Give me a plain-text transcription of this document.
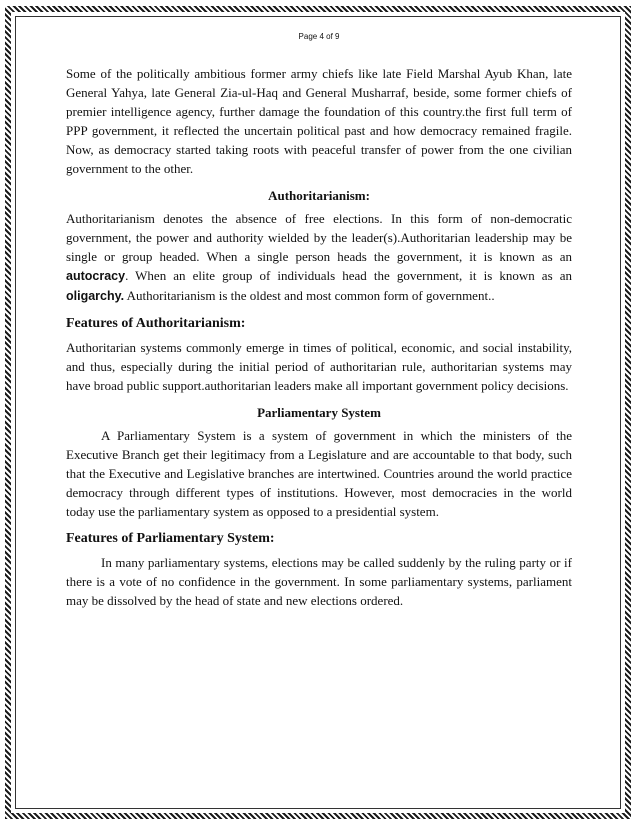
Page 4 of 9

Some of the politically ambitious former army chiefs like late Field Marshal Ayub Khan, late General Yahya, late General Zia-ul-Haq and General Musharraf, beside, some former chiefs of premier intelligence agency, further damage the foundation of this country.the first full term of PPP government, it reflected the uncertain political past and how democracy remained fragile. Now, as democracy started taking roots with peaceful transfer of power from the one civilian government to the other.

Authoritarianism:

Authoritarianism denotes the absence of free elections. In this form of non-democratic government, the power and authority wielded by the leader(s).Authoritarian leadership may be single or group headed. When a single person heads the government, it is known as an autocracy. When an elite group of individuals head the government, it is known as an oligarchy. Authoritarianism is the oldest and most common form of government..

Features of Authoritarianism:

Authoritarian systems commonly emerge in times of political, economic, and social instability, and thus, especially during the initial period of authoritarian rule, authoritarian systems may have broad public support.authoritarian leaders make all important government policy decisions.

Parliamentary System

A Parliamentary System is a system of government in which the ministers of the Executive Branch get their legitimacy from a Legislature and are accountable to that body, such that the Executive and Legislative branches are intertwined. Countries around the world practice democracy through different types of institutions. However, most democracies in the world today use the parliamentary system as opposed to a presidential system.

Features of Parliamentary System:

In many parliamentary systems, elections may be called suddenly by the ruling party or if there is a vote of no confidence in the government. In some parliamentary systems, parliament may be dissolved by the head of state and new elections ordered.
